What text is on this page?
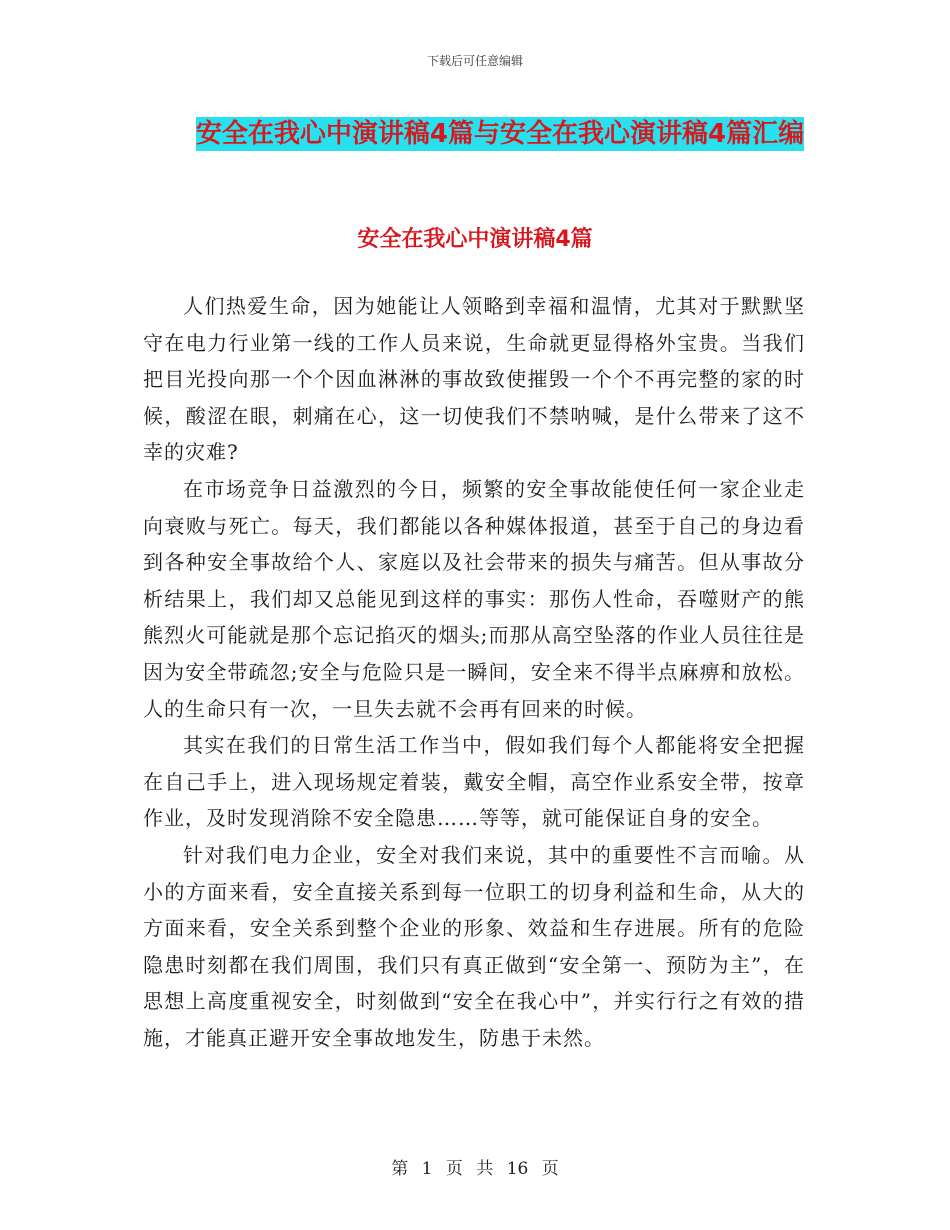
下载后可任意编辑
安全在我心中演讲稿4篇与安全在我心演讲稿4篇汇编
安全在我心中演讲稿4篇

人们热爱生命，因为她能让人领略到幸福和温情，尤其对于默默坚守在电力行业第一线的工作人员来说，生命就更显得格外宝贵。当我们把目光投向那一个个因血淋淋的事故致使摧毁一个个不再完整的家的时候，酸涩在眼，刺痛在心，这一切使我们不禁呐喊，是什么带来了这不幸的灾难?

在市场竞争日益激烈的今日，频繁的安全事故能使任何一家企业走向衰败与死亡。每天，我们都能以各种媒体报道，甚至于自己的身边看到各种安全事故给个人、家庭以及社会带来的损失与痛苦。但从事故分析结果上，我们却又总能见到这样的事实：那伤人性命，吞噬财产的熊熊烈火可能就是那个忘记掐灭的烟头;而那从高空坠落的作业人员往往是因为安全带疏忽;安全与危险只是一瞬间，安全来不得半点麻痹和放松。人的生命只有一次，一旦失去就不会再有回来的时候。

其实在我们的日常生活工作当中，假如我们每个人都能将安全把握在自己手上，进入现场规定着装，戴安全帽，高空作业系安全带，按章作业，及时发现消除不安全隐患……等等，就可能保证自身的安全。

针对我们电力企业，安全对我们来说，其中的重要性不言而喻。从小的方面来看，安全直接关系到每一位职工的切身利益和生命，从大的方面来看，安全关系到整个企业的形象、效益和生存进展。所有的危险隐患时刻都在我们周围，我们只有真正做到“安全第一、预防为主”，在思想上高度重视安全，时刻做到“安全在我心中”，并实行行之有效的措施，才能真正避开安全事故地发生，防患于未然。

第 1 页 共 16 页
